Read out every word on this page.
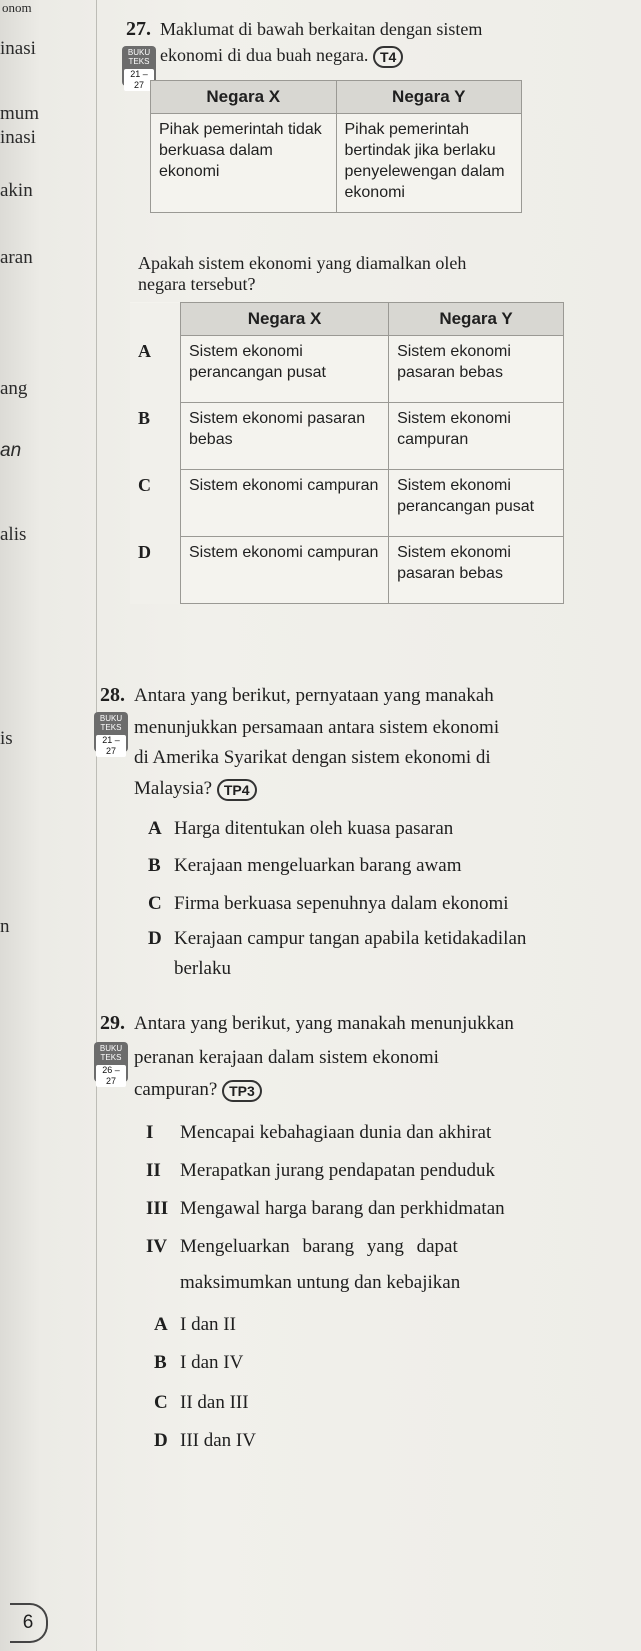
onom
inasi
mum
inasi
akin
aran
ang
an
alis
is
n
27. Maklumat di bawah berkaitan dengan sistem
BUKU TEKS
21 – 27
ekonomi di dua buah negara. T4
Negara X	Negara Y
Pihak pemerintah tidak berkuasa dalam ekonomi	Pihak pemerintah bertindak jika berlaku penyelewengan dalam ekonomi
Apakah sistem ekonomi yang diamalkan oleh
negara tersebut?
	Negara X	Negara Y
A	Sistem ekonomi perancangan pusat	Sistem ekonomi pasaran bebas
B	Sistem ekonomi pasaran bebas	Sistem ekonomi campuran
C	Sistem ekonomi campuran	Sistem ekonomi perancangan pusat
D	Sistem ekonomi campuran	Sistem ekonomi pasaran bebas
28. Antara yang berikut, pernyataan yang manakah
BUKU TEKS
21 – 27
menunjukkan persamaan antara sistem ekonomi
di Amerika Syarikat dengan sistem ekonomi di
Malaysia? TP4
A Harga ditentukan oleh kuasa pasaran
B Kerajaan mengeluarkan barang awam
C Firma berkuasa sepenuhnya dalam ekonomi
D Kerajaan campur tangan apabila ketidakadilan
berlaku
29. Antara yang berikut, yang manakah menunjukkan
BUKU TEKS
26 – 27
peranan kerajaan dalam sistem ekonomi
campuran? TP3
I Mencapai kebahagiaan dunia dan akhirat
II Merapatkan jurang pendapatan penduduk
III Mengawal harga barang dan perkhidmatan
IV Mengeluarkan barang yang dapat
maksimumkan untung dan kebajikan
A I dan II
B I dan IV
C II dan III
D III dan IV
6
